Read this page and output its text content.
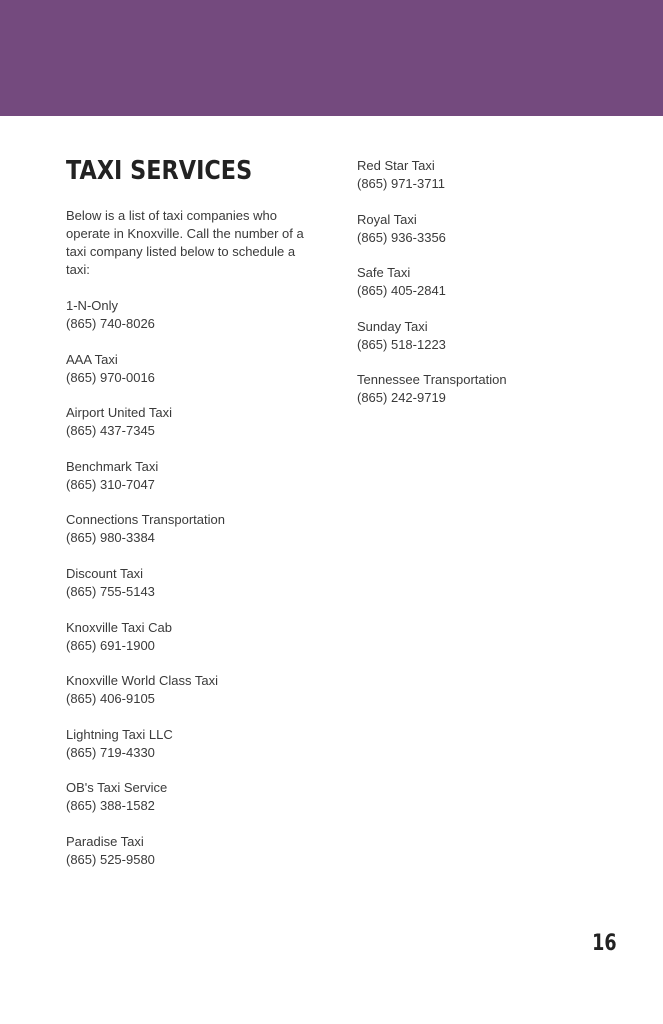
TAXI SERVICES

Below is a list of taxi companies who operate in Knoxville. Call the number of a taxi company listed below to schedule a taxi:

1-N-Only
(865) 740-8026
AAA Taxi
(865) 970-0016
Airport United Taxi
(865) 437-7345
Benchmark Taxi
(865) 310-7047
Connections Transportation
(865) 980-3384
Discount Taxi
(865) 755-5143
Knoxville Taxi Cab
(865) 691-1900
Knoxville World Class Taxi
(865) 406-9105
Lightning Taxi LLC
(865) 719-4330
OB's Taxi Service
(865) 388-1582
Paradise Taxi
(865) 525-9580
Red Star Taxi
(865) 971-3711
Royal Taxi
(865) 936-3356
Safe Taxi
(865) 405-2841
Sunday Taxi
(865) 518-1223
Tennessee Transportation
(865) 242-9719
16
